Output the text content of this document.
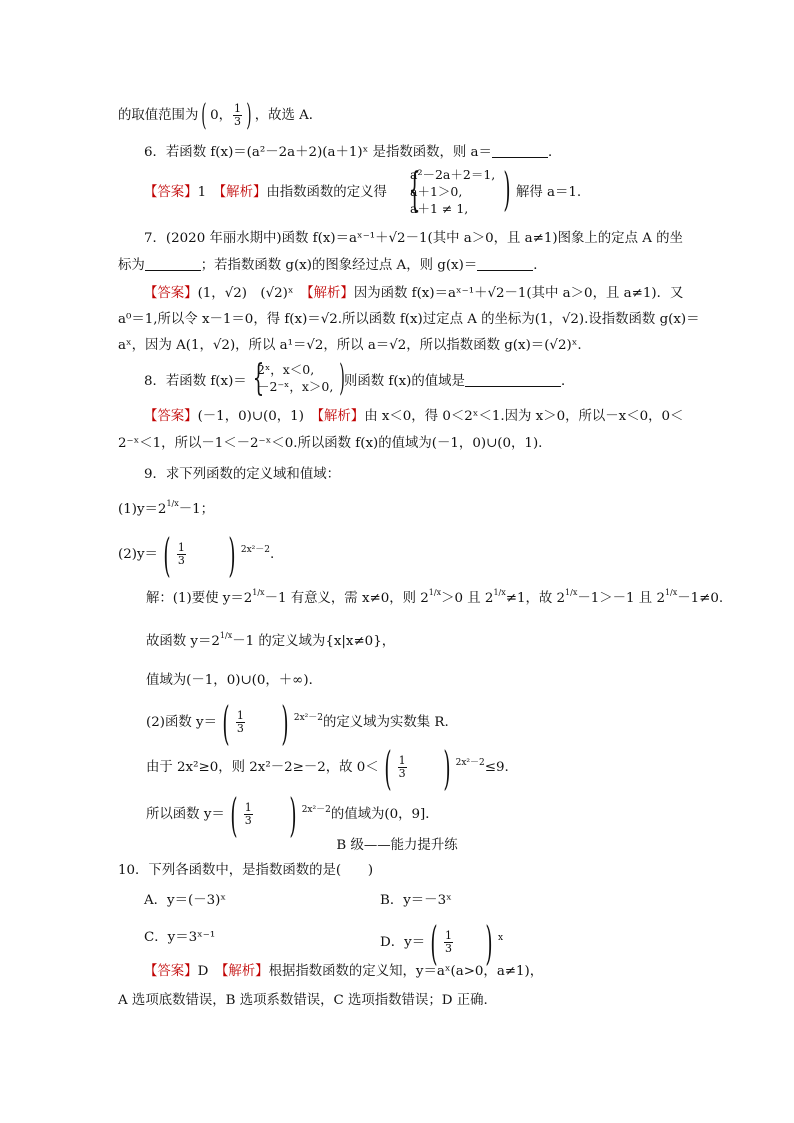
的取值范围为 ( 0， $\frac{1}{3}$ ) ，故选 A．
6．若函数 f(x)＝(a²－2a＋2)(a＋1)ˣ 是指数函数，则 a＝	．
【答案】1　 【解析】由指数函数的定义得 {
a²－2a＋2＝1,
a＋1＞0,
a＋1 ≠ 1, ) 解得 a＝1.
7．(2020 年丽水期中)函数 f(x)＝aˣ⁻¹＋√2－1(其中 a＞0，且 a≠1)图象上的定点 A 的坐
标为	；若指数函数 g(x)的图象经过点 A，则 g(x)＝	．
【答案】(1，√2)　(√2)ˣ　 【解析】因为函数 f(x)＝aˣ⁻¹＋√2－1(其中 a＞0，且 a≠1)．又
a⁰＝1,所以令 x－1＝0，得 f(x)＝√2.所以函数 f(x)过定点 A 的坐标为(1，√2).设指数函数 g(x)＝
aˣ，因为 A(1，√2)，所以 a¹＝√2，所以 a＝√2，所以指数函数 g(x)＝(√2)ˣ.
8．若函数 f(x)＝ {
2ˣ，x＜0,
－2⁻ˣ，x＞0, ) 则函数 f(x)的值域是	．
【答案】(－1，0)∪(0，1)　 【解析】由 x＜0，得 0＜2ˣ＜1.因为 x＞0，所以－x＜0，0＜
2⁻ˣ＜1，所以－1＜－2⁻ˣ＜0.所以函数 f(x)的值域为(－1，0)∪(0，1).
9．求下列函数的定义域和值域：
(1)y＝21/x－1；
(2)y＝ ( $\frac{1}{3}$ ) $^{2x^2-2}$.
解：(1)要使 y＝21/x－1 有意义，需 x≠0，则 21/x＞0 且 21/x≠1，故 21/x－1＞－1 且 21/x－1≠0.
故函数 y＝21/x－1 的定义域为{x|x≠0}，
值域为(－1，0)∪(0，＋∞)．
(2)函数 y＝ ( $\frac{1}{3}$ ) $^{2x^2-2}$的定义域为实数集 R.
由于 2x²≥0，则 2x²－2≥－2，故 0＜ ( $\frac{1}{3}$ ) $^{2x^2-2}$≤9.
所以函数 y＝ ( $\frac{1}{3}$ ) $^{2x^2-2}$的值域为(0，9]．
B 级——能力提升练
10．下列各函数中，是指数函数的是(　　)
A．y＝(－3)ˣ	B．y＝－3ˣ
C．y＝3ˣ⁻¹	D．y＝ ( $\frac{1}{3}$ ) $^x$
【答案】D　 【解析】根据指数函数的定义知，y＝aˣ(a>0，a≠1)，
A 选项底数错误，B 选项系数错误，C 选项指数错误；D 正确.
